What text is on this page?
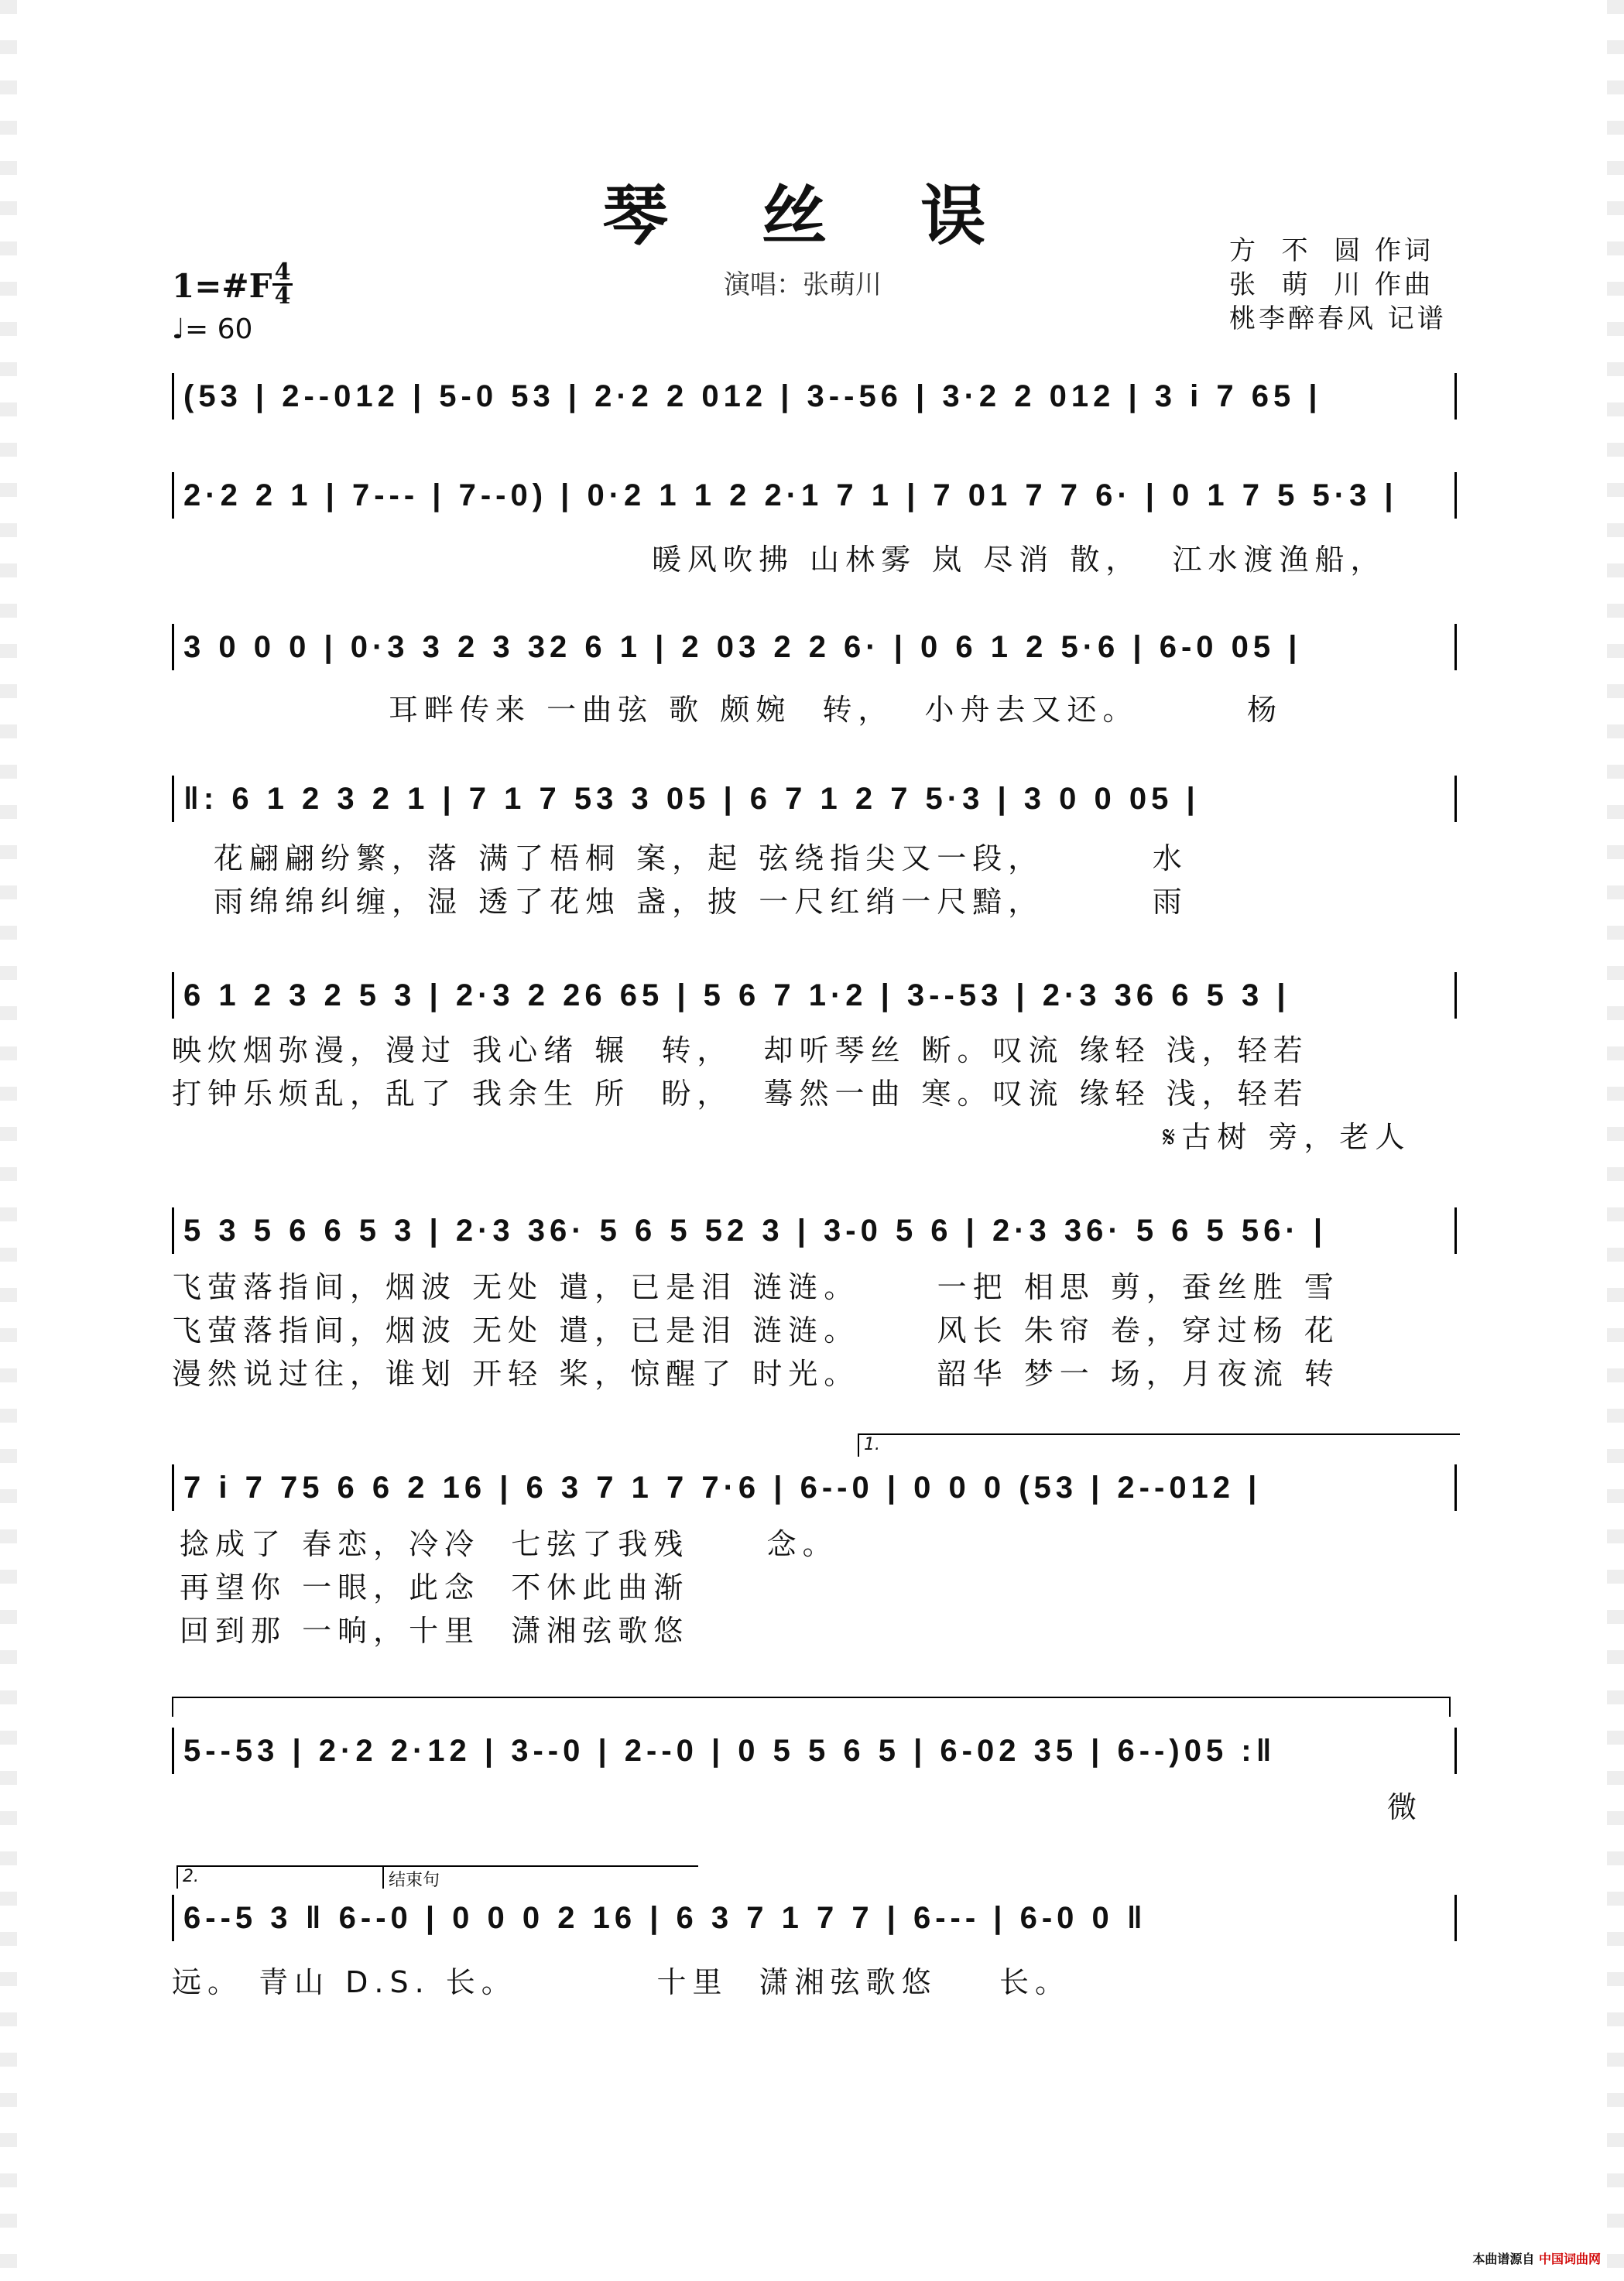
琴 丝 误
演唱：张萌川
方  不  圆 作词
张  萌  川 作曲
桃李醉春风 记谱
1=#F 4
4
♩= 60
(53 | 2--012 | 5-0 53 | 2·2 2 012 | 3--56 | 3·2 2 012 | 3 i 7 65 |
2·2 2 1 | 7--- | 7--0) | 0·2 1 1 2 2·1 7 1 | 7 01 7 7 6· | 0 1 7 5 5·3 |
暖风吹拂 山林雾 岚 尽消 散，  江水渡渔船，
3 0 0 0 | 0·3 3 2 3 32 6 1 | 2 03 2 2 6· | 0 6 1 2 5·6 | 6-0 05 |
耳畔传来 一曲弦 歌 颇婉  转，  小舟去又还。       杨
‖: 6 1 2 3 2 1 | 7 1 7 53 3 05 | 6 7 1 2 7 5·3 | 3 0 0 05 |
花翩翩纷繁，落 满了梧桐 案，起 弦绕指尖又一段，       水
雨绵绵纠缠，湿 透了花烛 盏，披 一尺红绡一尺黯，       雨
6 1 2 3 2 5 3 | 2·3 2 26 65 | 5 6 7 1·2 | 3--53 | 2·3 36 6 5 3 |
映炊烟弥漫，漫过 我心绪 辗  转，  却听琴丝 断。叹流 缘轻 浅，轻若
打钟乐烦乱，乱了 我余生 所  盼，  蓦然一曲 寒。叹流 缘轻 浅，轻若
𝄋古树 旁，老人
5 3 5 6 6 5 3 | 2·3 36· 5 6 5 52 3 | 3-0 5 6 | 2·3 36· 5 6 5 56· |
飞萤落指间，烟波 无处 遣，已是泪 涟涟。     一把 相思 剪，蚕丝胜 雪
飞萤落指间，烟波 无处 遣，已是泪 涟涟。     风长 朱帘 卷，穿过杨 花
漫然说过往，谁划 开轻 桨，惊醒了 时光。     韶华 梦一 场，月夜流 转
1.
7 i 7 75 6 6 2 16 | 6 3 7 1 7 7·6 | 6--0 | 0 0 0 (53 | 2--012 |
捻成了 春恋，冷冷  七弦了我残     念。
再望你 一眼，此念  不休此曲渐
回到那 一晌，十里  潇湘弦歌悠
5--53 | 2·2 2·12 | 3--0 | 2--0 | 0 5 5 6 5 | 6-02 35 | 6--)05 :‖
微
2.	结束句
6--5 3 ‖ 6--0 | 0 0 0 2 16 | 6 3 7 1 7 7 | 6--- | 6-0 0 ‖
远。 青山 D.S. 长。         十里  潇湘弦歌悠    长。
本曲谱源自 中国词曲网
